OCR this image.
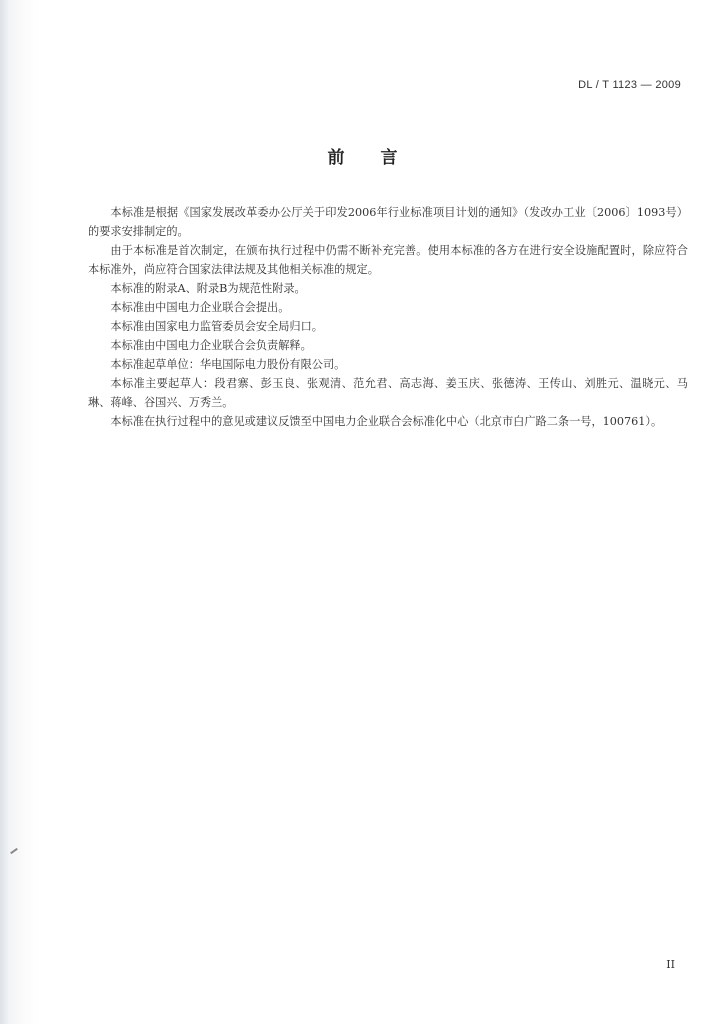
DL / T 1123 — 2009
前言

本标准是根据《国家发展改革委办公厅关于印发2006年行业标准项目计划的通知》（发改办工业〔2006〕1093号）的要求安排制定的。

由于本标准是首次制定，在颁布执行过程中仍需不断补充完善。使用本标准的各方在进行安全设施配置时，除应符合本标准外，尚应符合国家法律法规及其他相关标准的规定。

本标准的附录A、附录B为规范性附录。

本标准由中国电力企业联合会提出。

本标准由国家电力监管委员会安全局归口。

本标准由中国电力企业联合会负责解释。

本标准起草单位：华电国际电力股份有限公司。

本标准主要起草人：段君寨、彭玉良、张观清、范允君、高志海、姜玉庆、张德涛、王传山、刘胜元、温晓元、马琳、蒋峰、谷国兴、万秀兰。

本标准在执行过程中的意见或建议反馈至中国电力企业联合会标准化中心（北京市白广路二条一号，100761）。

II
